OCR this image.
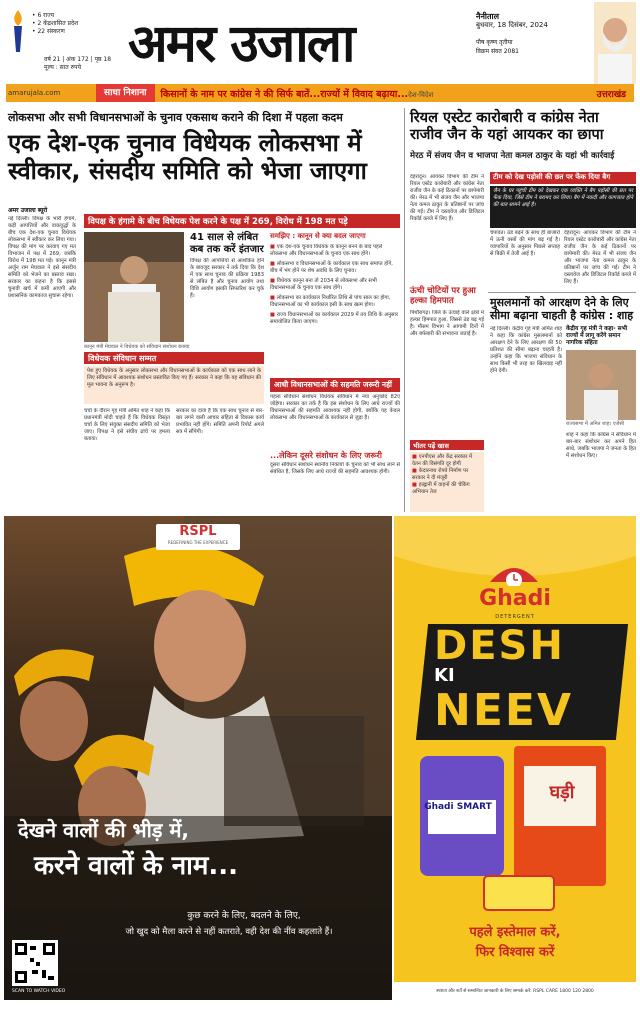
• 6 राज्य
• 2 केंद्रशासित प्रदेश
• 22 संस्करण
वर्ष 21 | अंक 172 | पृष्ठ 18
मूल्य : सात रुपये अमर उजाला	नैनीताल
बुधवार, 18 दिसंबर, 2024
पौष कृष्ण तृतीया
विक्रम संवत 2081
amarujala.com	साधा निशाना	किसानों के नाम पर कांग्रेस ने की सिर्फ बातें...राज्यों में विवाद बढ़ाया...देश-विदेश	उत्तराखंड
लोकसभा और सभी विधानसभाओं के चुनाव एकसाथ कराने की दिशा में पहला कदम
एक देश-एक चुनाव विधेयक लोकसभा में स्वीकार, संसदीय समिति को भेजा जाएगा
अमर उजाला ब्यूरो
नई दिल्ली। विपक्ष के भारी हंगामे, कड़ी आपत्तियों और वाकयुद्धों के बीच एक देश-एक चुनाव विधेयक लोकसभा में स्वीकार कर लिया गया। विपक्ष की मांग पर करवाए गए मत विभाजन में पक्ष में 269, जबकि विरोध में 198 मत पड़े। कानून मंत्री अर्जुन राम मेघवाल ने इसे संसदीय समिति को भेजने का प्रस्ताव रखा। सरकार का कहना है कि इससे चुनावी खर्च में कमी आएगी और प्रशासनिक कामकाज सुचारू रहेगा।
विपक्ष के हंगामे के बीच विधेयक पेश करने के पक्ष में 269, विरोध में 198 मत पड़े
41 साल से लंबित कब तक करें इंतजार
विपक्ष की आपत्तियों से आशंकित होने के बावजूद सरकार ने तर्क दिया कि देश में एक साथ चुनाव की प्रक्रिया 1983 से लंबित है और चुनाव आयोग तथा विधि आयोग इसकी सिफारिश कर चुके हैं।
कानून मंत्री मेघवाल ने विधेयक को संविधान संशोधन बताया
विधेयक संविधान सम्मत
पेश हुए विधेयक के अनुसार लोकसभा और विधानसभाओं के कार्यकाल को एक साथ लाने के लिए संविधान में आवश्यक संशोधन प्रस्तावित किए गए हैं। सरकार ने कहा कि यह संविधान की मूल भावना के अनुरूप है।
चर्चा के दौरान गृह मंत्री अमित शाह ने कहा कि प्रधानमंत्री मोदी चाहते हैं कि विधेयक विस्तृत चर्चा के लिए संयुक्त संसदीय समिति को भेजा जाए। विपक्ष ने इसे संघीय ढांचे पर हमला बताया।
सरकार का दावा है कि एक साथ चुनाव से बार-बार लगने वाली आचार संहिता से विकास कार्य प्रभावित नहीं होंगे। समिति अपनी रिपोर्ट अगले सत्र में सौंपेगी।
समझिए : कानून से क्या बदल जाएगा
■ एक देश-एक चुनाव विधेयक के कानून बनने के बाद पहले लोकसभा और विधानसभाओं के चुनाव एक साथ होंगे।
■ लोकसभा व विधानसभाओं के कार्यकाल एक साथ समाप्त होंगे, बीच में भंग होने पर शेष अवधि के लिए चुनाव।
■ विधेयक कानून बना तो 2034 से लोकसभा और सभी विधानसभाओं के चुनाव एक साथ होंगे।
■ लोकसभा का कार्यकाल निर्धारित तिथि से पांच साल का होगा, विधानसभाओं का भी कार्यकाल इसी के साथ खत्म होगा।
■ राज्य विधानसभाओं का कार्यकाल 2029 में तय तिथि के अनुसार समायोजित किया जाएगा।
आधी विधानसभाओं की सहमति जरूरी नहीं
पहला संविधान संशोधन विधेयक संविधान में नया अनुच्छेद 82ए जोड़ेगा। सरकार का तर्क है कि इस संशोधन के लिए आधे राज्यों की विधानसभाओं की सहमति आवश्यक नहीं होगी, क्योंकि यह केवल लोकसभा और विधानसभाओं के कार्यकाल से जुड़ा है।
...लेकिन दूसरे संशोधन के लिए जरूरी
दूसरा संविधान संशोधन स्थानीय निकायों के चुनाव को भी साथ लाने से संबंधित है, जिसके लिए आधे राज्यों की सहमति आवश्यक होगी।
रियल एस्टेट कारोबारी व कांग्रेस नेता राजीव जैन के यहां आयकर का छापा
मेरठ में संजय जैन व भाजपा नेता कमल ठाकुर के यहां भी कार्रवाई
देहरादून। आयकर विभाग की टीम ने रियल एस्टेट कारोबारी और कांग्रेस नेता राजीव जैन के कई ठिकानों पर छापेमारी की। मेरठ में भी संजय जैन और भाजपा नेता कमल ठाकुर के प्रतिष्ठानों पर जांच की गई। टीम ने दस्तावेज और डिजिटल रिकॉर्ड कब्जे में लिए हैं।
टीम को देख पड़ोसी की छत पर फेंक दिया बैग
जैन के घर पहुंची टीम को देखकर एक व्यक्ति ने बैग पड़ोसी की छत पर फेंक दिया, जिसे टीम ने बरामद कर लिया। बैग में नकदी और कागजात होने की बात सामने आई है।
चंपावत। ठंड बढ़ने के साथ ही बाजारों में ऊनी वस्त्रों की मांग बढ़ गई है। व्यापारियों के अनुसार पिछले सप्ताह से बिक्री में तेजी आई है।
देहरादून। आयकर विभाग की टीम ने रियल एस्टेट कारोबारी और कांग्रेस नेता राजीव जैन के कई ठिकानों पर छापेमारी की। मेरठ में भी संजय जैन और भाजपा नेता कमल ठाकुर के प्रतिष्ठानों पर जांच की गई। टीम ने दस्तावेज और डिजिटल रिकॉर्ड कब्जे में लिए हैं।
ऊंची चोटियों पर हुआ हल्का हिमपात
पिथौरागढ़। जिले के ऊंचाई वाले क्षेत्रों में हल्का हिमपात हुआ, जिससे ठंड बढ़ गई है। मौसम विभाग ने आगामी दिनों में और बर्फबारी की संभावना जताई है।
भीतर पढ़ें खास
■ एनपीएस और केंद्र सरकार में वेतन की विसंगति दूर होगी
■ केदारनाथ रोपवे निर्माण पर सरकार ने दी मंजूरी
■ हल्द्वानी में वाहनों की चेकिंग अभियान तेज
मुसलमानों को आरक्षण देने के लिए सीमा बढ़ाना चाहती है कांग्रेस : शाह
केंद्रीय गृह मंत्री ने कहा- सभी राज्यों में लागू करेंगे समान नागरिक संहिता
नई दिल्ली। केंद्रीय गृह मंत्री अमित शाह ने कहा कि कांग्रेस मुसलमानों को आरक्षण देने के लिए आरक्षण की 50 प्रतिशत की सीमा बढ़ाना चाहती है। उन्होंने कहा कि भाजपा संविधान के साथ किसी भी तरह का खिलवाड़ नहीं होने देगी।
राज्यसभा में अमित शाह। एजेंसी
शाह ने कहा कि कांग्रेस ने संविधान में बार-बार संशोधन कर अपने हित साधे, जबकि भाजपा ने जनता के हित में संशोधन किए।
RSPL
REDEFINING THE EXPERIENCE
देखने वालों की भीड़ में,
करने वालों के नाम...
कुछ करने के लिए, बदलने के लिए,
जो खुद को मैला करने से नहीं कतराते, वही देश की नींव कहलाते हैं।
SCAN TO WATCH VIDEO
Ghadi
DETERGENT
DESH
KI
NEEV
Ghadi SMART
घड़ी
पहले इस्तेमाल करें,
फिर विश्वास करें
स्पष्टता और शर्तें से सम्बन्धित जानकारी के लिए सम्पर्क करें: RSPL CARE 1800 120 2800
